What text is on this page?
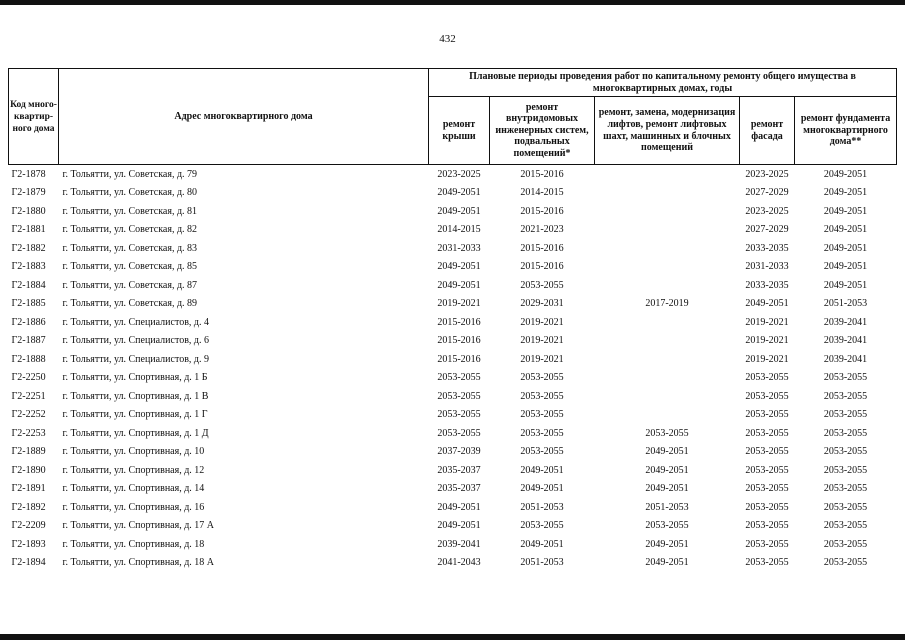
432
Код много-квартир-ного дома	Адрес многоквартирного дома	Плановые периоды проведения работ по капитальному ремонту общего имущества в многоквартирных домах, годы				
		ремонт крыши	ремонт внутридомовых инженерных систем, подвальных помещений*	ремонт, замена, модернизация лифтов, ремонт лифтовых шахт, машинных и блочных помещений	ремонт фасада	ремонт фундамента многоквартирного дома**
Г2-1878	г. Тольятти, ул. Советская, д. 79	2023-2025	2015-2016		2023-2025	2049-2051
Г2-1879	г. Тольятти, ул. Советская, д. 80	2049-2051	2014-2015		2027-2029	2049-2051
Г2-1880	г. Тольятти, ул. Советская, д. 81	2049-2051	2015-2016		2023-2025	2049-2051
Г2-1881	г. Тольятти, ул. Советская, д. 82	2014-2015	2021-2023		2027-2029	2049-2051
Г2-1882	г. Тольятти, ул. Советская, д. 83	2031-2033	2015-2016		2033-2035	2049-2051
Г2-1883	г. Тольятти, ул. Советская, д. 85	2049-2051	2015-2016		2031-2033	2049-2051
Г2-1884	г. Тольятти, ул. Советская, д. 87	2049-2051	2053-2055		2033-2035	2049-2051
Г2-1885	г. Тольятти, ул. Советская, д. 89	2019-2021	2029-2031	2017-2019	2049-2051	2051-2053
Г2-1886	г. Тольятти, ул. Специалистов, д. 4	2015-2016	2019-2021		2019-2021	2039-2041
Г2-1887	г. Тольятти, ул. Специалистов, д. 6	2015-2016	2019-2021		2019-2021	2039-2041
Г2-1888	г. Тольятти, ул. Специалистов, д. 9	2015-2016	2019-2021		2019-2021	2039-2041
Г2-2250	г. Тольятти, ул. Спортивная, д. 1 Б	2053-2055	2053-2055		2053-2055	2053-2055
Г2-2251	г. Тольятти, ул. Спортивная, д. 1 В	2053-2055	2053-2055		2053-2055	2053-2055
Г2-2252	г. Тольятти, ул. Спортивная, д. 1 Г	2053-2055	2053-2055		2053-2055	2053-2055
Г2-2253	г. Тольятти, ул. Спортивная, д. 1 Д	2053-2055	2053-2055	2053-2055	2053-2055	2053-2055
Г2-1889	г. Тольятти, ул. Спортивная, д. 10	2037-2039	2053-2055	2049-2051	2053-2055	2053-2055
Г2-1890	г. Тольятти, ул. Спортивная, д. 12	2035-2037	2049-2051	2049-2051	2053-2055	2053-2055
Г2-1891	г. Тольятти, ул. Спортивная, д. 14	2035-2037	2049-2051	2049-2051	2053-2055	2053-2055
Г2-1892	г. Тольятти, ул. Спортивная, д. 16	2049-2051	2051-2053	2051-2053	2053-2055	2053-2055
Г2-2209	г. Тольятти, ул. Спортивная, д. 17 А	2049-2051	2053-2055	2053-2055	2053-2055	2053-2055
Г2-1893	г. Тольятти, ул. Спортивная, д. 18	2039-2041	2049-2051	2049-2051	2053-2055	2053-2055
Г2-1894	г. Тольятти, ул. Спортивная, д. 18 А	2041-2043	2051-2053	2049-2051	2053-2055	2053-2055
